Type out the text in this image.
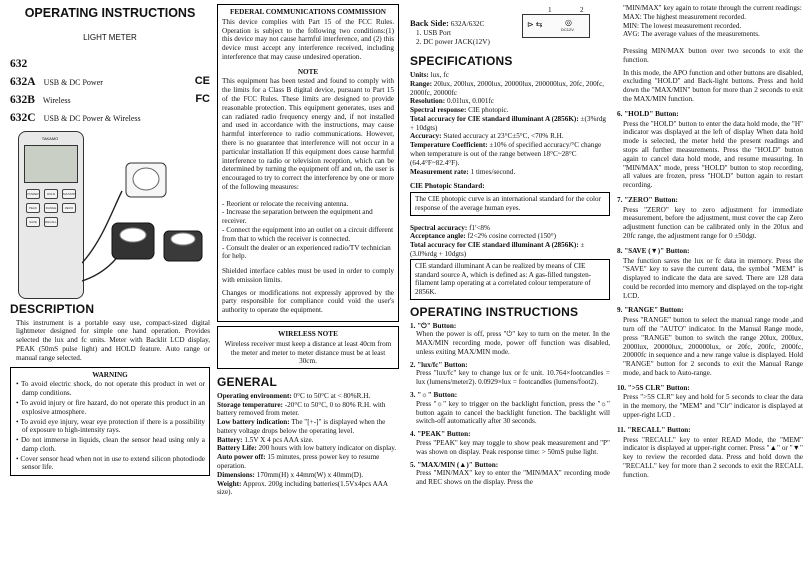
OPERATING INSTRUCTIONS
LIGHT METER
632
632A USB & DC Power	CE
632B Wireless	FC
632C USB & DC Power & Wireless
TAKAMO
POWER	HOLD	MAX/MIN
PEAK	RANGE	ZERO
SAVE	RECALL
DESCRIPTION

This instrument is a portable easy use, compact-sized digital lightmeter designed for simple one hand operation. Provides selected the lux and fc units. Meter with Backlit LCD display, PEAK (50mS pulse light) and HOLD feature. Auto range or manual range selected.

WARNING
• To avoid electric shock, do not operate this product in wet or damp conditions.
• To avoid injury or fire hazard, do not operate this product in an explosive atmosphere.
• To avoid eye injury, wear eye protection if there is a possibility of exposure to high-intensity rays.
• Do not immerse in liquids, clean the sensor head using only a damp cloth.
• Cover sensor head when not in use to extend silicon photodiode sensor life.
FEDERAL COMMUNICATIONS COMMISSION

This device complies with Part 15 of the FCC Rules. Operation is subject to the following two conditions:(1) this device may not cause harmful interference, and (2) this device must accept any interference received, including interference that may cause undesired operation.

NOTE

This equipment has been tested and found to comply with the limits for a Class B digital device, pursuant to Part 15 of the FCC Rules. These limits are designed to provide reasonable protection. This equipment generates, uses and can radiated radio frequency energy and, if not installed and used in accordance with the instructions, may cause harmful interference to radio communications. However, there is no guarantee that interference will not occur in a particular installation If this equipment does cause harmful interference to radio or television reception, which can be determined by turning the equipment off and on, the user is encouraged to try to correct the interference by one or more of the following measures:

- Reorient or relocate the receiving antenna.
- Increase the separation between the equipment and receiver.
- Connect the equipment into an outlet on a circuit different from that to which the receiver is connected.
- Consult the dealer or an experienced radio/TV technician for help.

Shielded interface cables must be used in order to comply with emission limits.

Changes or modifications not expressly approved by the party responsible for compliance could void the user's authority to operate the equipment.

WIRELESS NOTE
Wireless receiver must keep a distance at least 40cm from the meter and meter to meter distance must be at least 30cm.
GENERAL
Operating environment: 0°C to 50°C at < 80%R.H.
Storage temperature: -20°C to 50°C, 0 to 80% R.H. with battery removed from meter.
Low battery indication: The "[+-]" is displayed when the battery voltage drops below the operating level.
Battery: 1.5V X 4 pcs AAA size.
Battery Life: 200 hours with low battery indicator on display.
Auto power off: 15 minutes, press power key to resume operation.
Dimensions: 170mm(H) x 44mm(W) x 40mm(D).
Weight: Approx. 200g including batteries(1.5Vx4pcs AAA size).
Back Side: 632A/632C
1. USB Port
2. DC power JACK(12V)
⊳ ⇆	◎
DC12V
1	2
SPECIFICATIONS
Units: lux, fc
Range: 20lux, 200lux, 2000lux, 20000lux, 200000lux, 20fc, 200fc, 2000fc, 20000fc
Resolution: 0.01lux, 0.001fc
Spectral response: CIE photopic.
Total accuracy for CIE standard illuminant A (2856K): ±(3%rdg + 10dgts)
Accuracy: Stated accuracy at 23°C±5°C, <70% R.H.
Temperature Coefficient: ±10% of specified accuracy/°C change when temperature is out of the range between 18°C~28°C (64.4°F~82.4°F).
Measurement rate: 1 times/second.
CIE Photopic Standard:
The CIE photopic curve is an international standard for the color response of the average human eyes.
Spectral accuracy: f1'<8%
Acceptance angle: f2<2% cosine corrected (150°)
Total accuracy for CIE standard illuminant A (2856K): ±(3.0%rdg + 10dgts)
CIE standard illuminant A can be realized by means of CIE standard source A, which is defined as: A gas-filled tungsten-filament lamp operating at a correlated colour temperature of 2856K.
OPERATING INSTRUCTIONS
1. "⏻" Button:

When the power is off, press "⏻" key to turn on the meter. In the MAX/MIN recording mode, power off function was disabled, unless exiting MAX/MIN mode.

2. "lux/fc" Button:

Press "lux/fc" key to change lux or fc unit. 10.764×footcandles = lux (lumens/meter2). 0.0929×lux = footcandles (lumens/foot2).

3. "☼" Button:

Press "☼" key to trigger on the backlight function, press the "☼" button again to cancel the backlight function. The backlight will switch-off automatically after 30 seconds.

4. "PEAK" Button:

Press "PEAK" key may toggle to show peak measurement and "P" was shown on display. Peak response time: > 50mS pulse light.

5. "MAX/MIN (▲)" Button:

Press "MIN/MAX" key to enter the "MIN/MAX" recording mode and REC shows on the display. Press the

"MIN/MAX" key again to rotate through the current readings:

MAX: The highest measurement recorded.
MIN: The lowest measurement recorded.
AVG: The average values of the measurements.

Pressing MIN/MAX button over two seconds to exit the function.

In this mode, the APO function and other buttons are disabled, excluding "HOLD" and Back-light buttons. Press and hold down the "MAX/MIN" button for more than 2 seconds to exit the MAX/MIN function.

6. "HOLD" Button:

Press the "HOLD" button to enter the data hold mode, the "H" indicator was displayed at the left of display When data hold mode is selected, the meter held the present readings and stops all further measurements. Press the "HOLD" button again to cancel data hold mode, and resume measuring. In "MIN/MAX" mode, press "HOLD" button to stop recording, all values are frozen, press "HOLD" button again to restart recording.

7. "ZERO" Button:

Press "ZERO" key to zero adjustment for immediate measurement, before the adjustment, must cover the cap Zero adjustment function can be calibrated only in the 20lux and 20fc range, the adjustment range for 0 ±50dgt.

8. "SAVE (▼)" Button:

The function saves the lux or fc data in memory. Press the "SAVE" key to save the current data, the symbol "MEM" is displayed to indicate the data are saved. There are 128 data could be recorded into memory and displayed on the top-right LCD.

9. "RANGE" Button:

Press "RANGE" button to select the manual range mode ,and turn off the "AUTO" indicator. In the Manual Range mode, press "RANGE" button to switch the range 20lux, 200lux, 2000lux, 20000lux, 200000lux, or 20fc, 200fc, 2000fc, 20000fc in sequence and a new range value is displayed. Hold "RANGE" button for 2 seconds to exit the Manual Range mode, and back to Auto-range.

10. ">5S CLR" Button:

Press ">5S CLR" key and hold for 5 seconds to clear the data in the memory, the "MEM" and "Clr" indicator is displayed at upper-right LCD .

11. "RECALL" Button:

Press "RECALL" key to enter READ Mode, the "MEM" indicator is displayed at upper-right corner. Press "▲" or "▼" key to review the recorded data. Press and hold down the "RECALL" key for more than 2 seconds to exit the RECALL function.
